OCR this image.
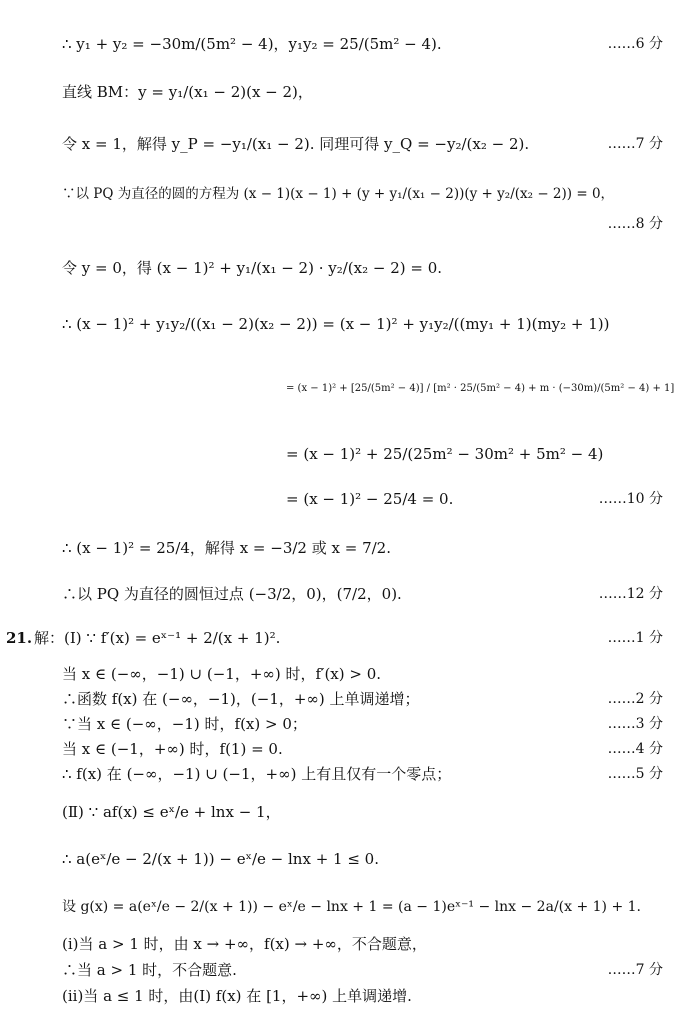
∴ y₁ + y₂ = −30m/(5m² − 4)，y₁y₂ = 25/(5m² − 4).	……6 分
直线 BM：y = y₁/(x₁ − 2)(x − 2)，
令 x = 1，解得 y_P = −y₁/(x₁ − 2). 同理可得 y_Q = −y₂/(x₂ − 2).	……7 分
∵以 PQ 为直径的圆的方程为 (x − 1)(x − 1) + (y + y₁/(x₁ − 2))(y + y₂/(x₂ − 2)) = 0，
……8 分
令 y = 0，得 (x − 1)² + y₁/(x₁ − 2) · y₂/(x₂ − 2) = 0.
∴ (x − 1)² + y₁y₂/((x₁ − 2)(x₂ − 2)) = (x − 1)² + y₁y₂/((my₁ + 1)(my₂ + 1))
= (x − 1)² + [25/(5m² − 4)] / [m² · 25/(5m² − 4) + m · (−30m)/(5m² − 4) + 1]
= (x − 1)² + 25/(25m² − 30m² + 5m² − 4)
= (x − 1)² − 25/4 = 0.	……10 分
∴ (x − 1)² = 25/4，解得 x = −3/2 或 x = 7/2.
∴以 PQ 为直径的圆恒过点 (−3/2，0)，(7/2，0).	……12 分
21. 解：(Ⅰ) ∵ f′(x) = eˣ⁻¹ + 2/(x + 1)².	……1 分
当 x ∈ (−∞，−1) ∪ (−1，+∞) 时，f′(x) > 0.
∴函数 f(x) 在 (−∞，−1)，(−1，+∞) 上单调递增；	……2 分
∵当 x ∈ (−∞，−1) 时，f(x) > 0；	……3 分
当 x ∈ (−1，+∞) 时，f(1) = 0.	……4 分
∴ f(x) 在 (−∞，−1) ∪ (−1，+∞) 上有且仅有一个零点；	……5 分
(Ⅱ) ∵ af(x) ≤ eˣ/e + lnx − 1，
∴ a(eˣ/e − 2/(x + 1)) − eˣ/e − lnx + 1 ≤ 0.
设 g(x) = a(eˣ/e − 2/(x + 1)) − eˣ/e − lnx + 1 = (a − 1)eˣ⁻¹ − lnx − 2a/(x + 1) + 1.
(i)当 a > 1 时，由 x → +∞，f(x) → +∞，不合题意，
∴当 a > 1 时，不合题意.	……7 分
(ii)当 a ≤ 1 时，由(Ⅰ) f(x) 在 [1，+∞) 上单调递增.
